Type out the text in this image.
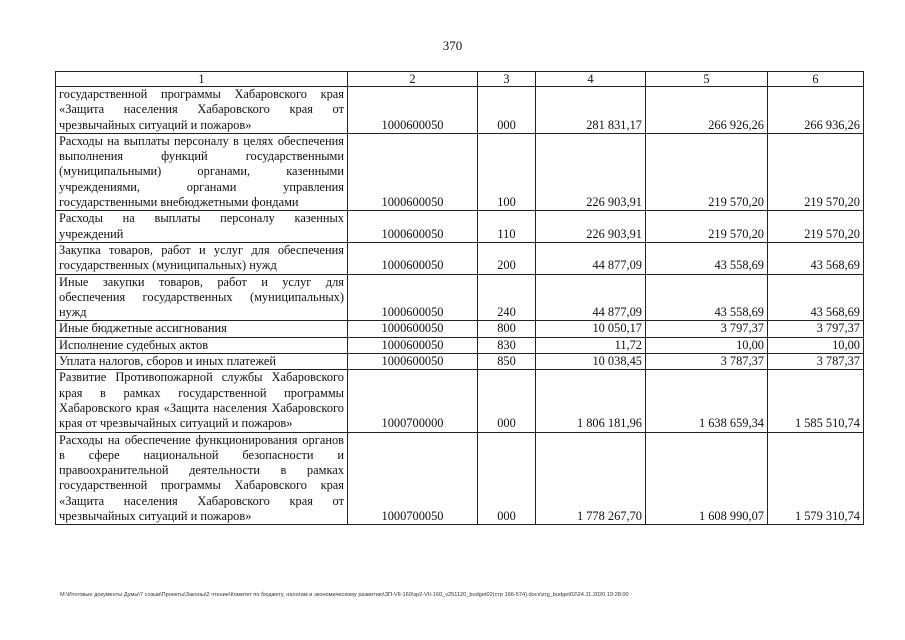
370
1	2	3	4	5	6
государственной программы Хабаровского края «Защита населения Хабаровского края от чрезвычайных ситуаций и пожаров»	1000600050	000	281 831,17	266 926,26	266 936,26
Расходы на выплаты персоналу в целях обеспечения выполнения функций государственными (муниципальными) органами, казенными учреждениями, органами управления государственными внебюджетными фондами	1000600050	100	226 903,91	219 570,20	219 570,20
Расходы на выплаты персоналу казенных учреждений	1000600050	110	226 903,91	219 570,20	219 570,20
Закупка товаров, работ и услуг для обеспечения государственных (муниципальных) нужд	1000600050	200	44 877,09	43 558,69	43 568,69
Иные закупки товаров, работ и услуг для обеспечения государственных (муниципальных) нужд	1000600050	240	44 877,09	43 558,69	43 568,69
Иные бюджетные ассигнования	1000600050	800	10 050,17	3 797,37	3 797,37
Исполнение судебных актов	1000600050	830	11,72	10,00	10,00
Уплата налогов, сборов и иных платежей	1000600050	850	10 038,45	3 787,37	3 787,37
Развитие Противопожарной службы Хабаровского края в рамках государственной программы Хабаровского края «Защита населения Хабаровского края от чрезвычайных ситуаций и пожаров»	1000700000	000	1 806 181,96	1 638 659,34	1 585 510,74
Расходы на обеспечение функционирования органов в сфере национальной безопасности и правоохранительной деятельности в рамках государственной программы Хабаровского края «Защита населения Хабаровского края от чрезвычайных ситуаций и пожаров»	1000700050	000	1 778 267,70	1 608 990,07	1 579 310,74
M:\Итоговые документы Думы\7 созыв\Проекты\Законы\2 чтение\Комитет по бюджету, налогам и экономическому развитию\ЗП-VII-160\зр2-VII-160_v251120_budget02(стр 166-574).docx\zrg_budget02\24.11.2020 19:28:00
